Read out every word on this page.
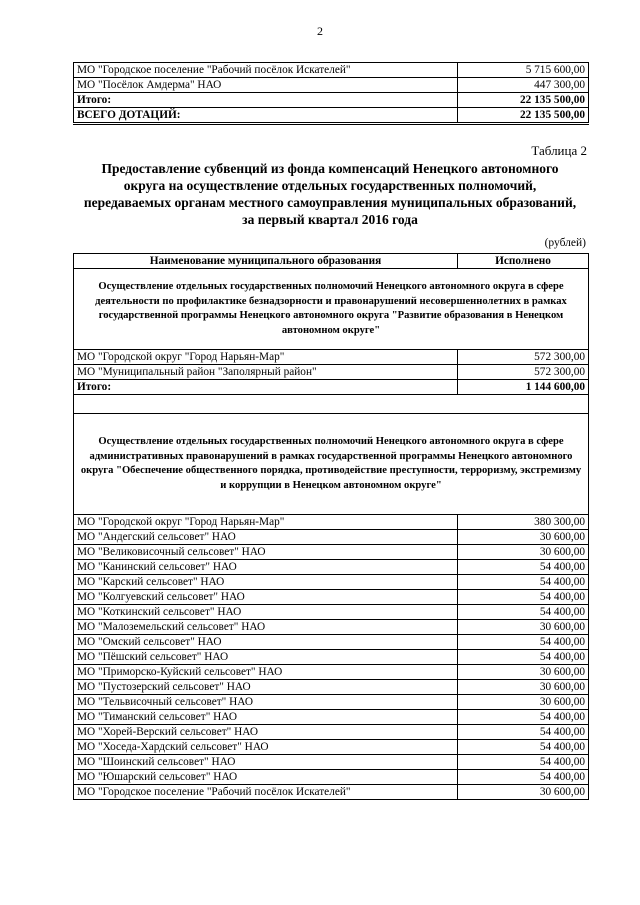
2
МО "Городское поселение "Рабочий посёлок Искателей"	5 715 600,00
МО "Посёлок Амдерма" НАО	447 300,00
Итого:	22 135 500,00
ВСЕГО ДОТАЦИЙ:	22 135 500,00
Таблица 2
Предоставление субвенций из фонда компенсаций Ненецкого автономного округа на осуществление отдельных государственных полномочий, передаваемых органам местного самоуправления муниципальных образований, за первый квартал 2016 года
(рублей)
Наименование муниципального образования	Исполнено
Осуществление отдельных государственных полномочий Ненецкого автономного округа в сфере деятельности по профилактике безнадзорности и правонарушений несовершеннолетних в рамках государственной программы Ненецкого автономного округа "Развитие образования в Ненецком автономном округе"	
МО "Городской округ "Город Нарьян-Мар"	572 300,00
МО "Муниципальный район "Заполярный район"	572 300,00
Итого:	1 144 600,00

Осуществление отдельных государственных полномочий Ненецкого автономного округа в сфере административных правонарушений в рамках государственной программы Ненецкого автономного округа "Обеспечение общественного порядка, противодействие преступности, терроризму, экстремизму и коррупции в Ненецком автономном округе"	
МО "Городской округ "Город Нарьян-Мар"	380 300,00
МО "Андегский сельсовет" НАО	30 600,00
МО "Великовисочный сельсовет" НАО	30 600,00
МО "Канинский сельсовет" НАО	54 400,00
МО "Карский сельсовет" НАО	54 400,00
МО "Колгуевский сельсовет" НАО	54 400,00
МО "Коткинский сельсовет" НАО	54 400,00
МО "Малоземельский сельсовет" НАО	30 600,00
МО "Омский сельсовет" НАО	54 400,00
МО "Пёшский сельсовет" НАО	54 400,00
МО "Приморско-Куйский сельсовет" НАО	30 600,00
МО "Пустозерский сельсовет" НАО	30 600,00
МО "Тельвисочный сельсовет" НАО	30 600,00
МО "Тиманский сельсовет" НАО	54 400,00
МО "Хорей-Верский сельсовет" НАО	54 400,00
МО "Хоседа-Хардский сельсовет" НАО	54 400,00
МО "Шоинский сельсовет" НАО	54 400,00
МО "Юшарский сельсовет" НАО	54 400,00
МО "Городское поселение "Рабочий посёлок Искателей"	30 600,00
